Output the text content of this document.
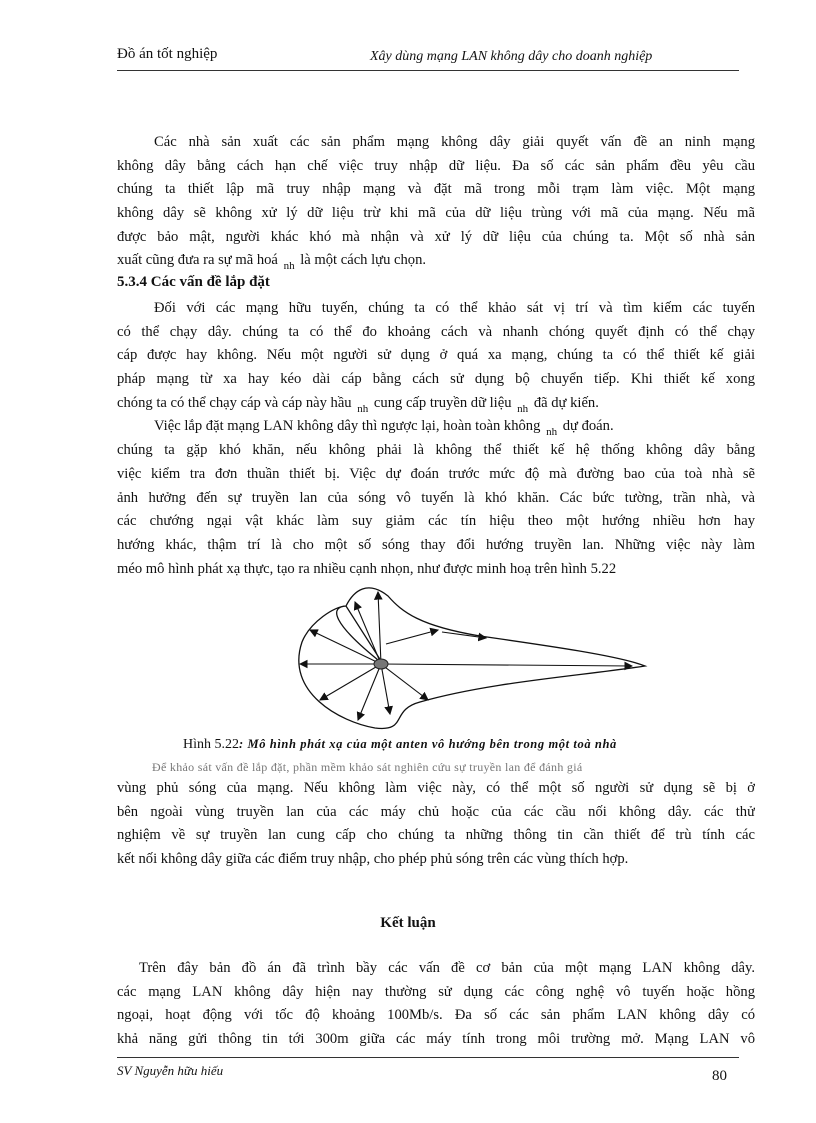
Đồ án tốt nghiệp	Xây dùng mạng LAN không dây cho doanh nghiệp
Các nhà sản xuất các sản phẩm mạng không dây giải quyết vấn đề an ninh mạng
không dây bằng cách hạn chế việc truy nhập dữ liệu. Đa số các sản phẩm đều yêu cầu
chúng ta thiết lập mã truy nhập mạng và đặt mã trong mỗi trạm làm việc. Một mạng
không dây sẽ không xử lý dữ liệu trừ khi mã của dữ liệu trùng với mã của mạng. Nếu mã
được bảo mật, người khác khó mà nhận và xử lý dữ liệu của chúng ta. Một số nhà sản
xuất cũng đưa ra sự mã hoá $_{nh}$ là một cách lựu chọn.
5.3.4 Các vấn đề lắp đặt
Đối với các mạng hữu tuyến, chúng ta có thể khảo sát vị trí và tìm kiếm các tuyến
có thể chạy dây. chúng ta có thể đo khoảng cách và nhanh chóng quyết định có thể chạy
cáp được hay không. Nếu một người sử dụng ở quá xa mạng, chúng ta có thể thiết kế giải
pháp mạng từ xa hay kéo dài cáp bằng cách sử dụng bộ chuyển tiếp. Khi thiết kế xong
chóng ta có thể chạy cáp và cáp này hầu $_{nh}$ cung cấp truyền dữ liệu $_{nh}$ đã dự kiến.
Việc lắp đặt mạng LAN không dây thì ngược lại, hoàn toàn không $_{nh}$ dự đoán.
chúng ta gặp khó khăn, nếu không phải là không thể thiết kế hệ thống không dây bằng
việc kiểm tra đơn thuần thiết bị. Việc dự đoán trước mức độ mà đường bao của toà nhà sẽ
ảnh hưởng đến sự truyền lan của sóng vô tuyến là khó khăn. Các bức tường, trần nhà, và
các chướng ngại vật khác làm suy giảm các tín hiệu theo một hướng nhiều hơn hay
hướng khác, thậm trí là cho một số sóng thay đổi hướng truyền lan. Những việc này làm
méo mô hình phát xạ thực, tạo ra nhiều cạnh nhọn, như được minh hoạ trên hình 5.22
Hình 5.22: Mô hình phát xạ của một anten vô hướng bên trong một toà nhà
Để khảo sát vấn đề lắp đặt, phần mềm khảo sát nghiên cứu sự truyền lan để đánh giá
vùng phủ sóng của mạng. Nếu không làm việc này, có thể một số người sử dụng sẽ bị ở
bên ngoài vùng truyền lan của các máy chủ hoặc của các cầu nối không dây. các thử
nghiệm về sự truyền lan cung cấp cho chúng ta những thông tin cần thiết để trù tính các
kết nối không dây giữa các điểm truy nhập, cho phép phủ sóng trên các vùng thích hợp.
Kết luận
Trên đây bản đồ án đã trình bầy các vấn đề cơ bản của một mạng LAN không dây.
các mạng LAN không dây hiện nay thường sử dụng các công nghệ vô tuyến hoặc hồng
ngoại, hoạt động với tốc độ khoảng 100Mb/s. Đa số các sản phẩm LAN không dây có
khả năng gửi thông tin tới 300m giữa các máy tính trong môi trường mở. Mạng LAN vô
SV Nguyễn hữu hiếu	80
